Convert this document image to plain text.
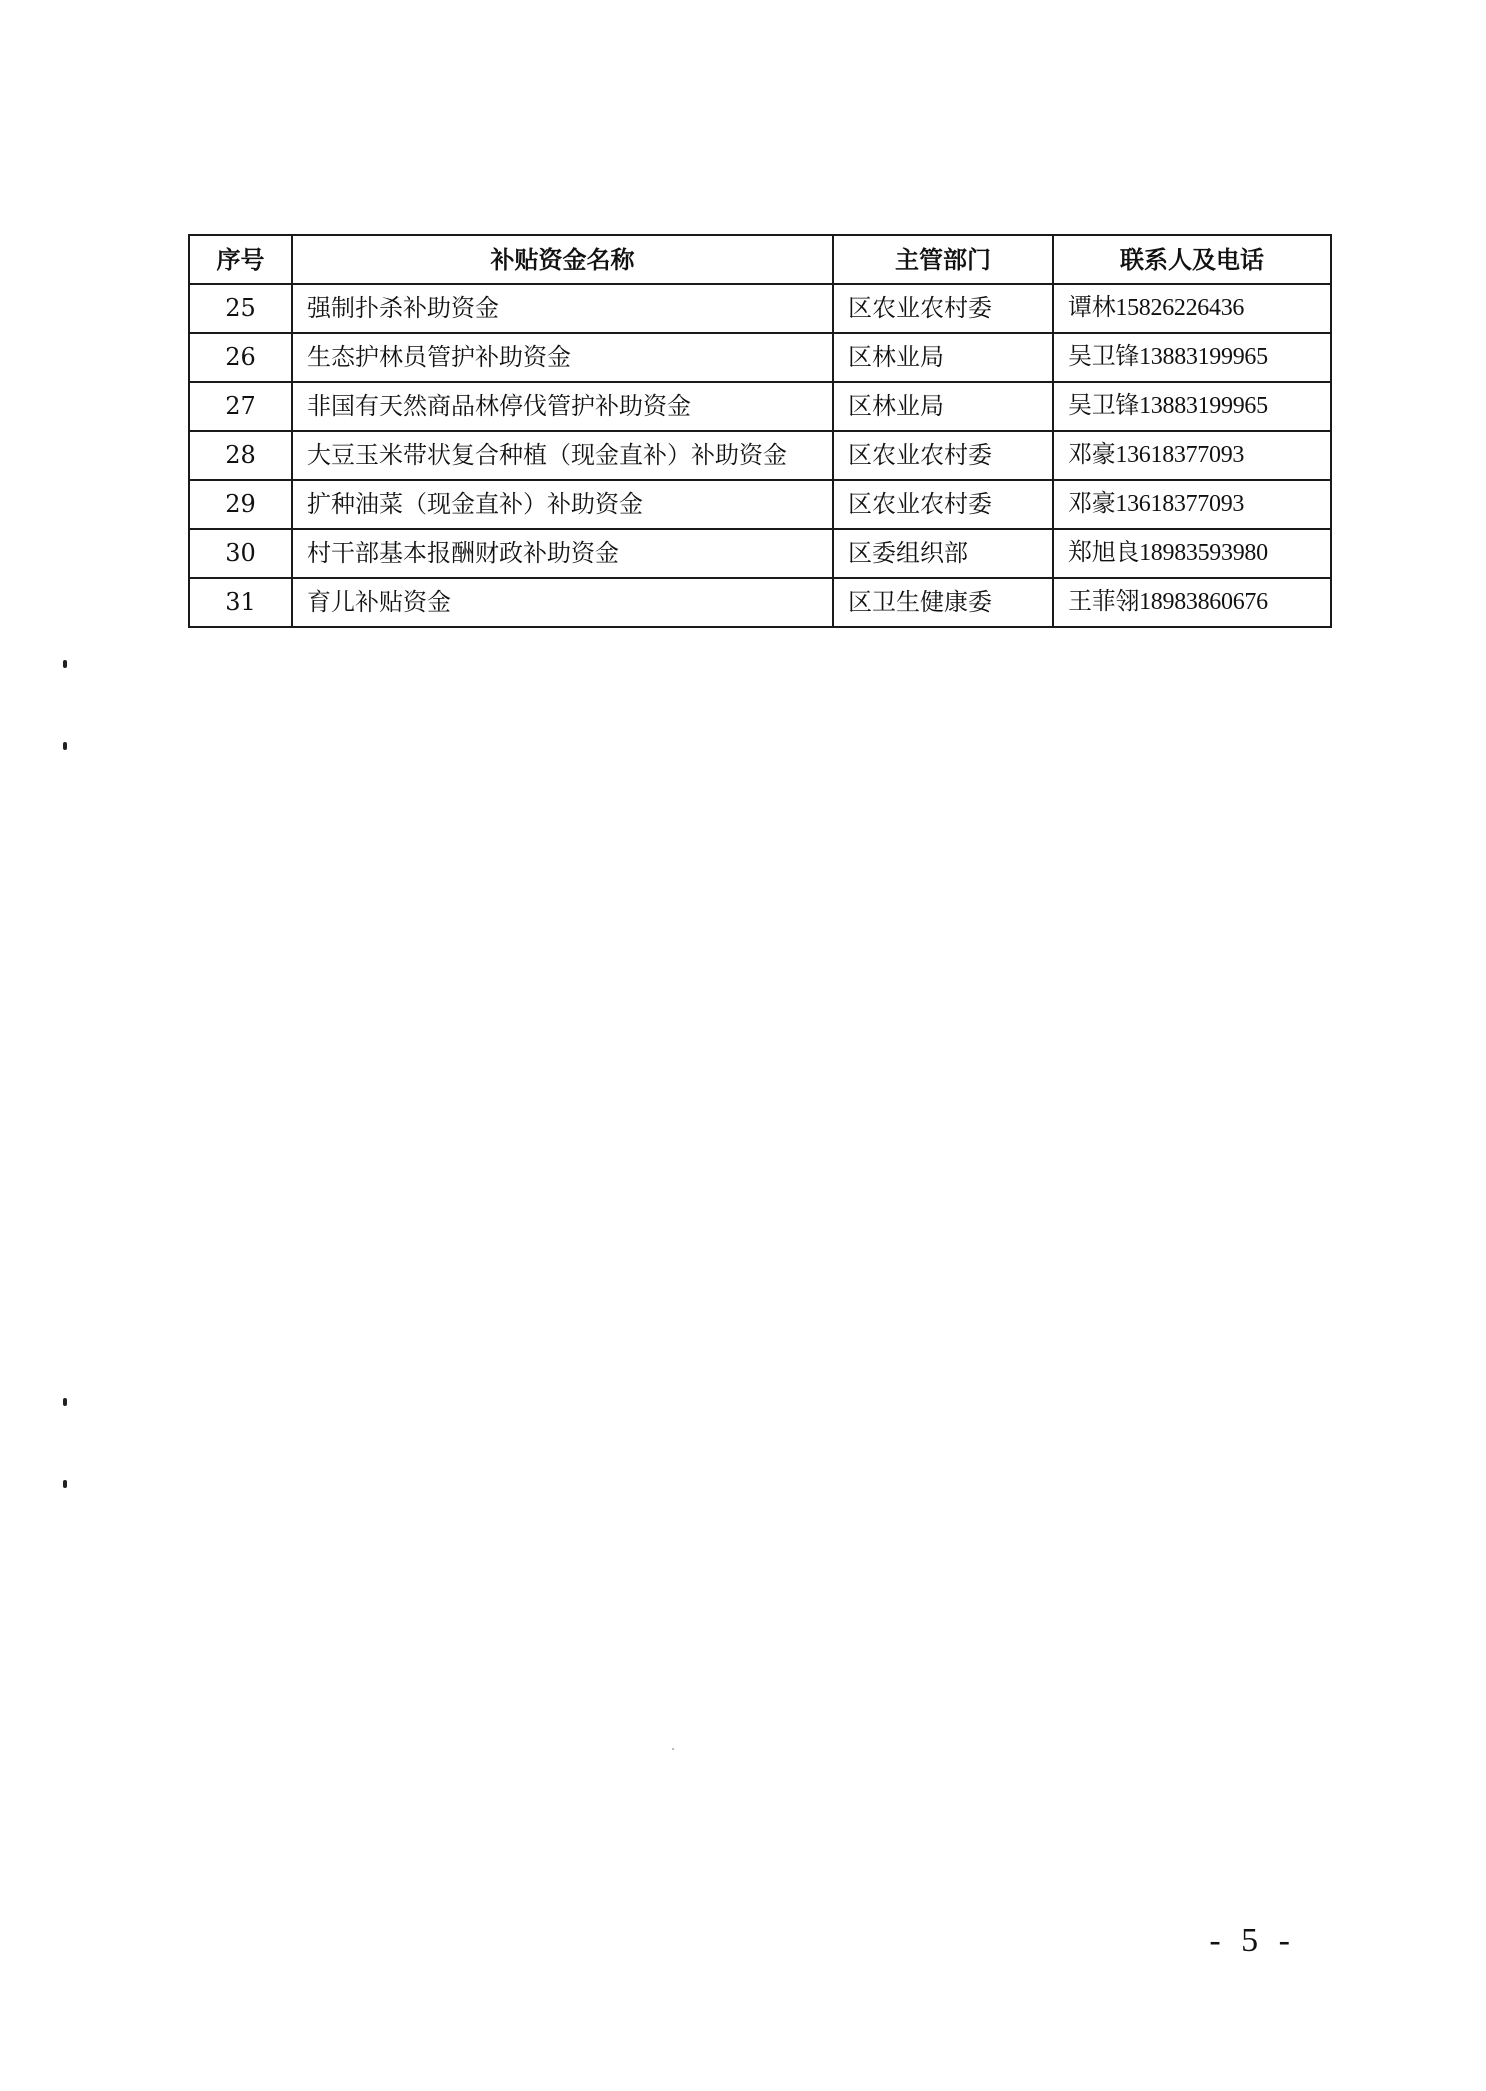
序号	补贴资金名称	主管部门	联系人及电话
25	强制扑杀补助资金	区农业农村委	谭林15826226436
26	生态护林员管护补助资金	区林业局	吴卫锋13883199965
27	非国有天然商品林停伐管护补助资金	区林业局	吴卫锋13883199965
28	大豆玉米带状复合种植（现金直补）补助资金	区农业农村委	邓豪13618377093
29	扩种油菜（现金直补）补助资金	区农业农村委	邓豪13618377093
30	村干部基本报酬财政补助资金	区委组织部	郑旭良18983593980
31	育儿补贴资金	区卫生健康委	王菲翎18983860676
- 5 -
